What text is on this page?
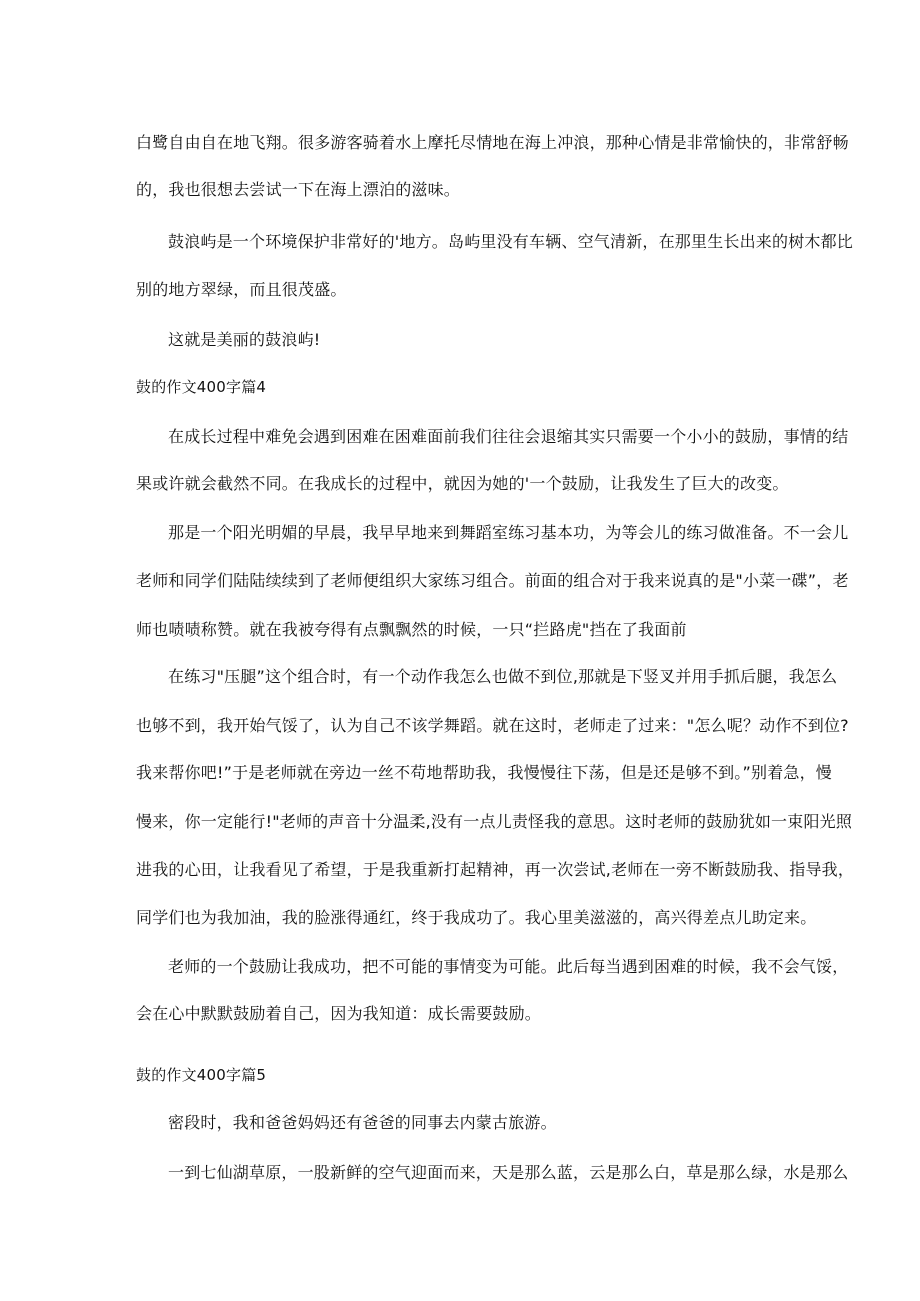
白鹭自由自在地飞翔。很多游客骑着水上摩托尽情地在海上冲浪，那种心情是非常愉快的，非常舒畅
的，我也很想去尝试一下在海上漂泊的滋味。
鼓浪屿是一个环境保护非常好的'地方。岛屿里没有车辆、空气清新，在那里生长出来的树木都比
别的地方翠绿，而且很茂盛。
这就是美丽的鼓浪屿!
鼓的作文400字篇4
在成长过程中难免会遇到困难在困难面前我们往往会退缩其实只需要一个小小的鼓励，事情的结
果或许就会截然不同。在我成长的过程中，就因为她的'一个鼓励，让我发生了巨大的改变。
那是一个阳光明媚的早晨，我早早地来到舞蹈室练习基本功，为等会儿的练习做准备。不一会儿
老师和同学们陆陆续续到了老师便组织大家练习组合。前面的组合对于我来说真的是"小菜一碟”，老
师也啧啧称赞。就在我被夸得有点飘飘然的时候，一只“拦路虎"挡在了我面前
在练习"压腿”这个组合时，有一个动作我怎么也做不到位,那就是下竖叉并用手抓后腿，我怎么
也够不到，我开始气馁了，认为自己不该学舞蹈。就在这时，老师走了过来："怎么呢？动作不到位?
我来帮你吧!”于是老师就在旁边一丝不苟地帮助我，我慢慢往下荡，但是还是够不到。”别着急，慢
慢来，你一定能行!"老师的声音十分温柔,没有一点儿责怪我的意思。这时老师的鼓励犹如一束阳光照
进我的心田，让我看见了希望，于是我重新打起精神，再一次尝试,老师在一旁不断鼓励我、指导我，
同学们也为我加油，我的脸涨得通红，终于我成功了。我心里美滋滋的，高兴得差点儿助定来。
老师的一个鼓励让我成功，把不可能的事情变为可能。此后每当遇到困难的时候，我不会气馁，
会在心中默默鼓励着自己，因为我知道：成长需要鼓励。
鼓的作文400字篇5
密段时，我和爸爸妈妈还有爸爸的同事去内蒙古旅游。
一到七仙湖草原，一股新鲜的空气迎面而来，天是那么蓝，云是那么白，草是那么绿，水是那么
